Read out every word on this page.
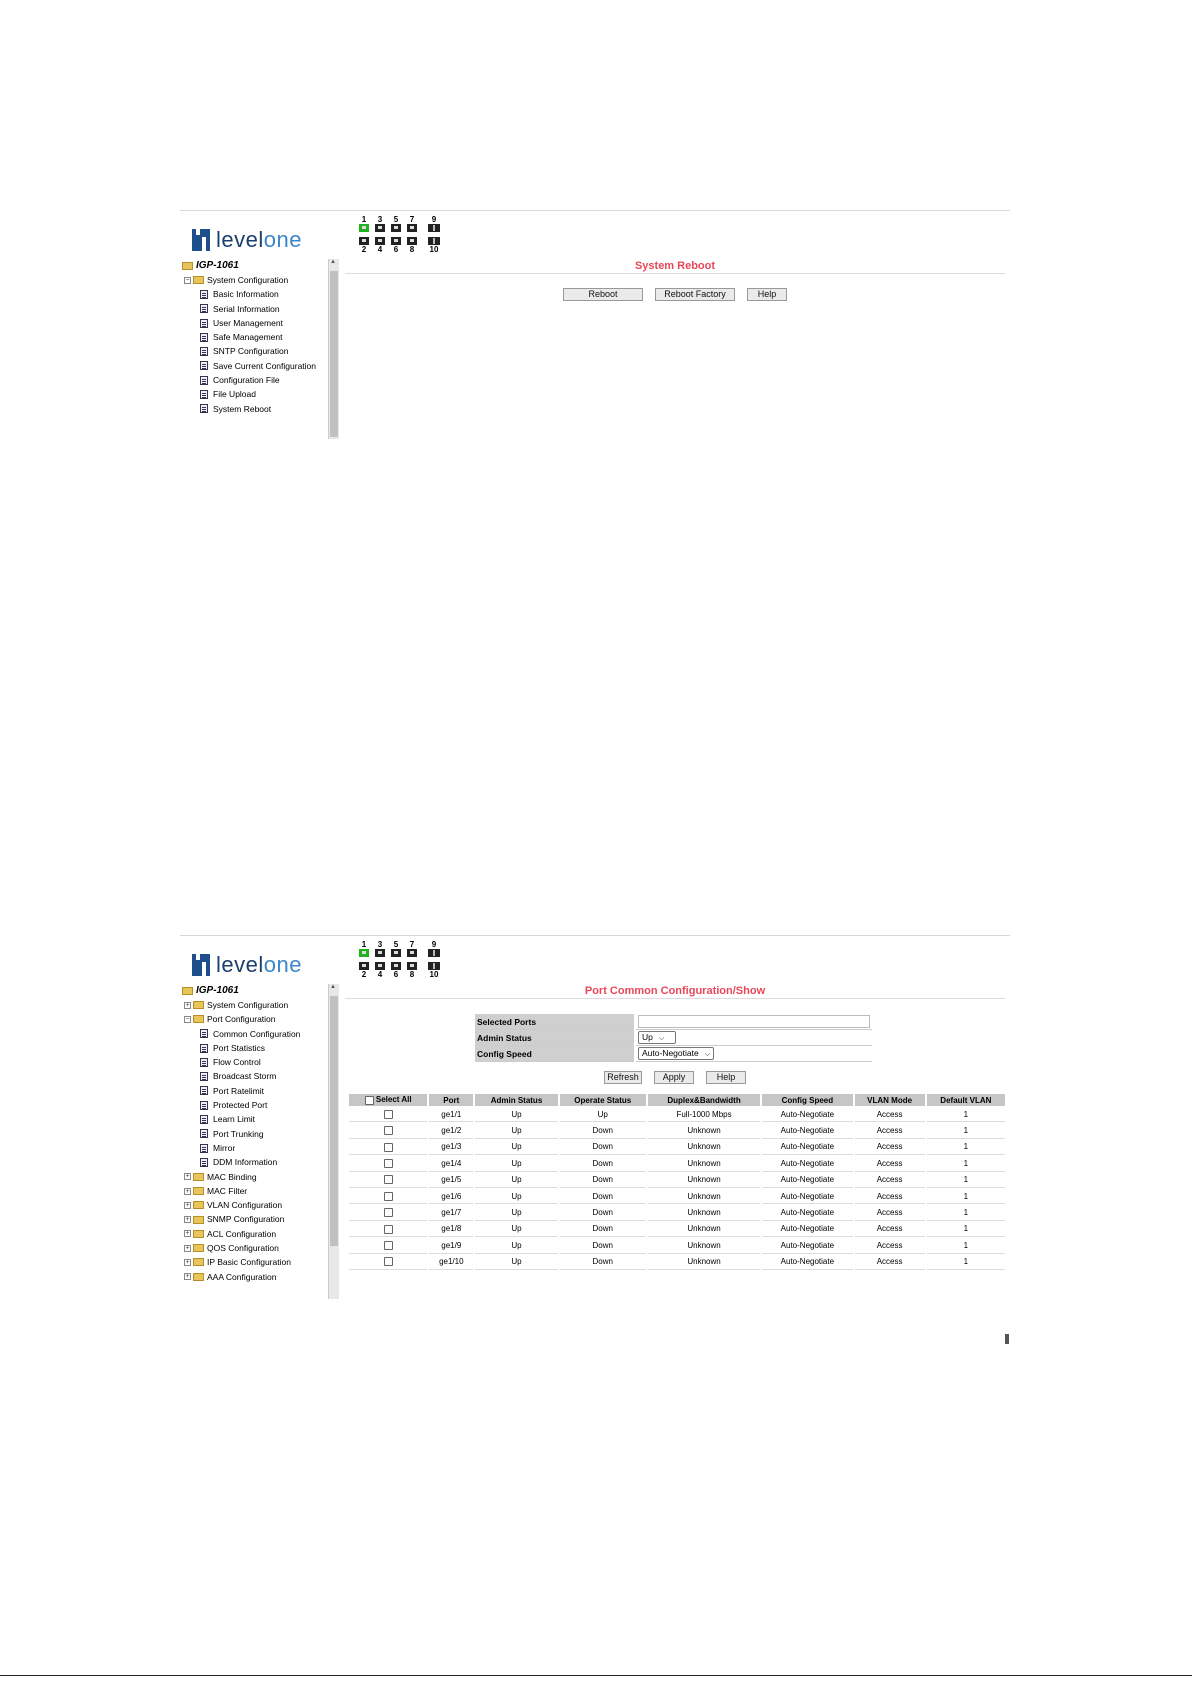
level one
1
2
3
4
5
6
7
8
9
10
IGP-1061
− System Configuration
Basic Information
Serial Information
User Management
Safe Management
SNTP Configuration
Save Current Configuration
Configuration File
File Upload
System Reboot
▲	System Reboot
Reboot	Reboot Factory	Help
level one
1
2
3
4
5
6
7
8
9
10
IGP-1061
+ System Configuration
− Port Configuration
Common Configuration
Port Statistics
Flow Control
Broadcast Storm
Port Ratelimit
Protected Port
Learn Limit
Port Trunking
Mirror
DDM Information
+ MAC Binding
+ MAC Filter
+ VLAN Configuration
+ SNMP Configuration
+ ACL Configuration
+ QOS Configuration
+ IP Basic Configuration
+ AAA Configuration
▲	Port Common Configuration/Show
Selected Ports	

Admin Status	Up ⌵
Config Speed	Auto-Negotiate ⌵
Refresh	Apply	Help
Select All	Port	Admin Status	Operate Status	Duplex&Bandwidth	Config Speed	VLAN Mode	Default VLAN
	ge1/1	Up	Up	Full-1000 Mbps	Auto-Negotiate	Access	1
	ge1/2	Up	Down	Unknown	Auto-Negotiate	Access	1
	ge1/3	Up	Down	Unknown	Auto-Negotiate	Access	1
	ge1/4	Up	Down	Unknown	Auto-Negotiate	Access	1
	ge1/5	Up	Down	Unknown	Auto-Negotiate	Access	1
	ge1/6	Up	Down	Unknown	Auto-Negotiate	Access	1
	ge1/7	Up	Down	Unknown	Auto-Negotiate	Access	1
	ge1/8	Up	Down	Unknown	Auto-Negotiate	Access	1
	ge1/9	Up	Down	Unknown	Auto-Negotiate	Access	1
	ge1/10	Up	Down	Unknown	Auto-Negotiate	Access	1
